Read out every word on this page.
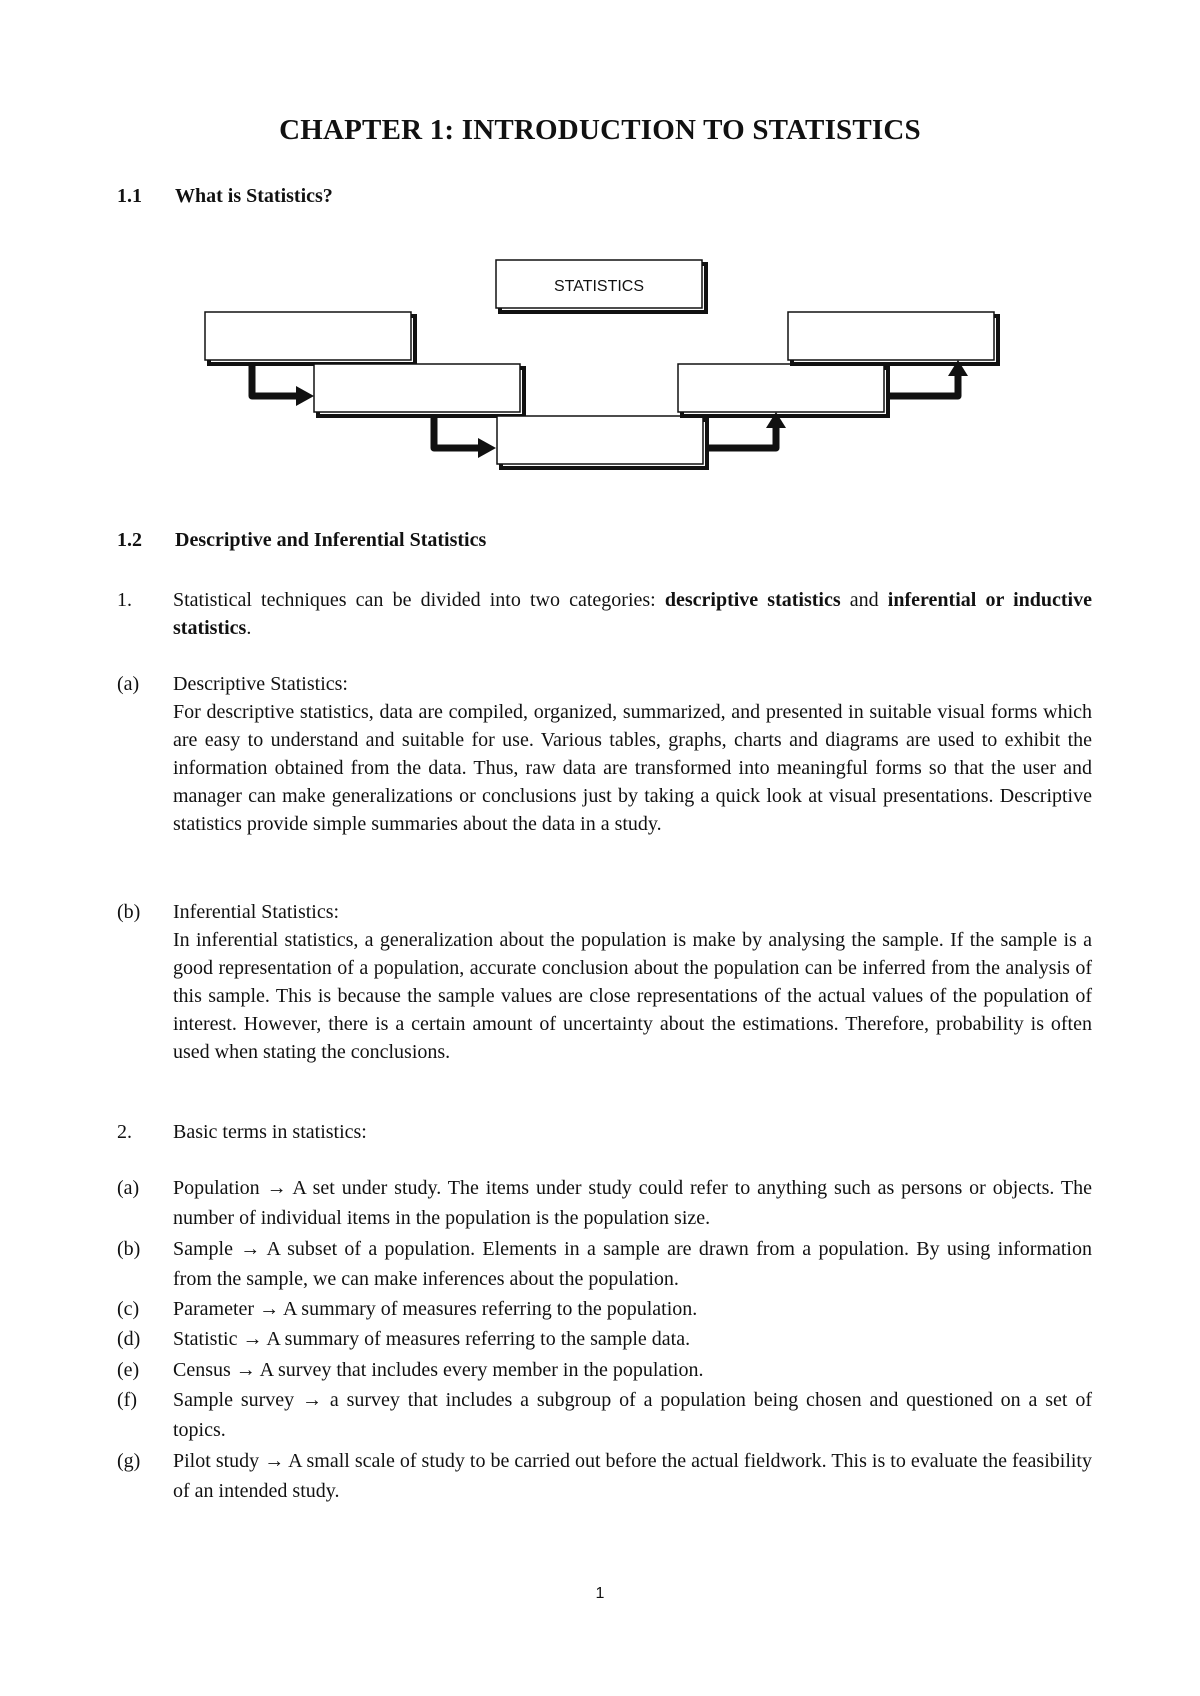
CHAPTER 1: INTRODUCTION TO STATISTICS
1.1 What is Statistics?
STATISTICS
1.2 Descriptive and Inferential Statistics
1. Statistical techniques can be divided into two categories: descriptive statistics and inferential or inductive statistics.
(a) Descriptive Statistics:
For descriptive statistics, data are compiled, organized, summarized, and presented in suitable visual forms which are easy to understand and suitable for use. Various tables, graphs, charts and diagrams are used to exhibit the information obtained from the data. Thus, raw data are transformed into meaningful forms so that the user and manager can make generalizations or conclusions just by taking a quick look at visual presentations. Descriptive statistics provide simple summaries about the data in a study.
(b) Inferential Statistics:
In inferential statistics, a generalization about the population is make by analysing the sample. If the sample is a good representation of a population, accurate conclusion about the population can be inferred from the analysis of this sample. This is because the sample values are close representations of the actual values of the population of interest. However, there is a certain amount of uncertainty about the estimations. Therefore, probability is often used when stating the conclusions.
2. Basic terms in statistics:
(a) Population → A set under study. The items under study could refer to anything such as persons or objects. The number of individual items in the population is the population size.
(b) Sample → A subset of a population. Elements in a sample are drawn from a population. By using information from the sample, we can make inferences about the population.
(c) Parameter → A summary of measures referring to the population.
(d) Statistic → A summary of measures referring to the sample data.
(e) Census → A survey that includes every member in the population.
(f) Sample survey → a survey that includes a subgroup of a population being chosen and questioned on a set of topics.
(g) Pilot study → A small scale of study to be carried out before the actual fieldwork. This is to evaluate the feasibility of an intended study.
1
